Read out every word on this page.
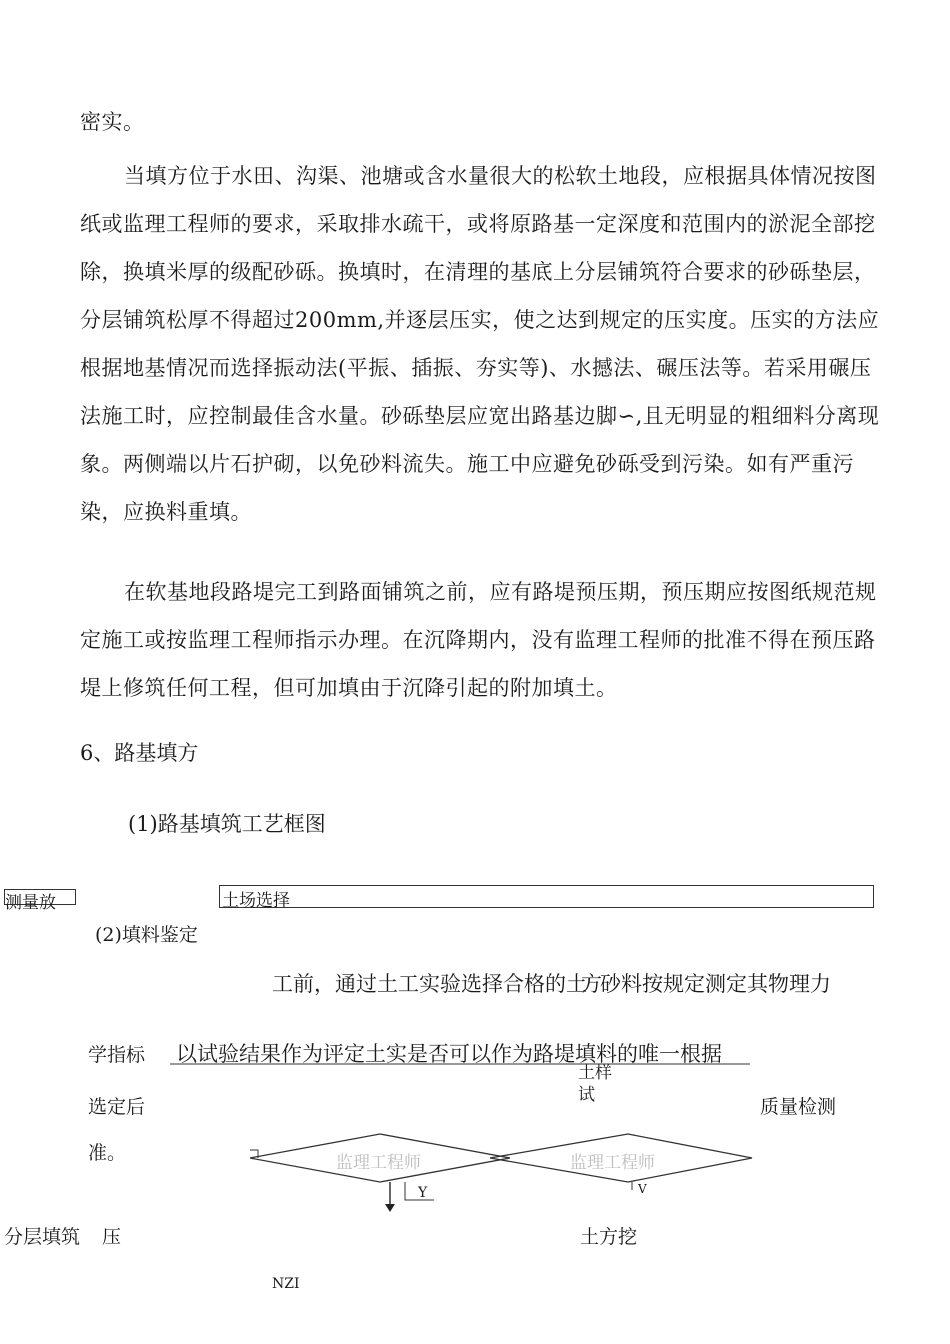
密实。

当填方位于水田、沟渠、池塘或含水量很大的松软土地段，应根据具体情况按图纸或监理工程师的要求，采取排水疏干，或将原路基一定深度和范围内的淤泥全部挖除，换填米厚的级配砂砾。换填时，在清理的基底上分层铺筑符合要求的砂砾垫层，分层铺筑松厚不得超过200mm,并逐层压实，使之达到规定的压实度。压实的方法应根据地基情况而选择振动法(平振、插振、夯实等)、水撼法、碾压法等。若采用碾压法施工时，应控制最佳含水量。砂砾垫层应宽出路基边脚∽,且无明显的粗细料分离现象。两侧端以片石护砌，以免砂料流失。施工中应避免砂砾受到污染。如有严重污染，应换料重填。

在软基地段路堤完工到路面铺筑之前，应有路堤预压期，预压期应按图纸规范规定施工或按监理工程师指示办理。在沉降期内，没有监理工程师的批准不得在预压路堤上修筑任何工程，但可加填由于沉降引起的附加填土。

6、路基填方
(1)路基填筑工艺框图
测量放	土场选择
(2)填料鉴定
工前，通过土工实验选择合格的土方 砂料按规定测定其物理力
学指标 以试验结果作为评定土实是否可以作为路堤填料的唯一根据
土样
试
选定后	质量检测
准。	监理工程师	监理工程师
Y	V
分层填筑 压	土方挖
NZI
